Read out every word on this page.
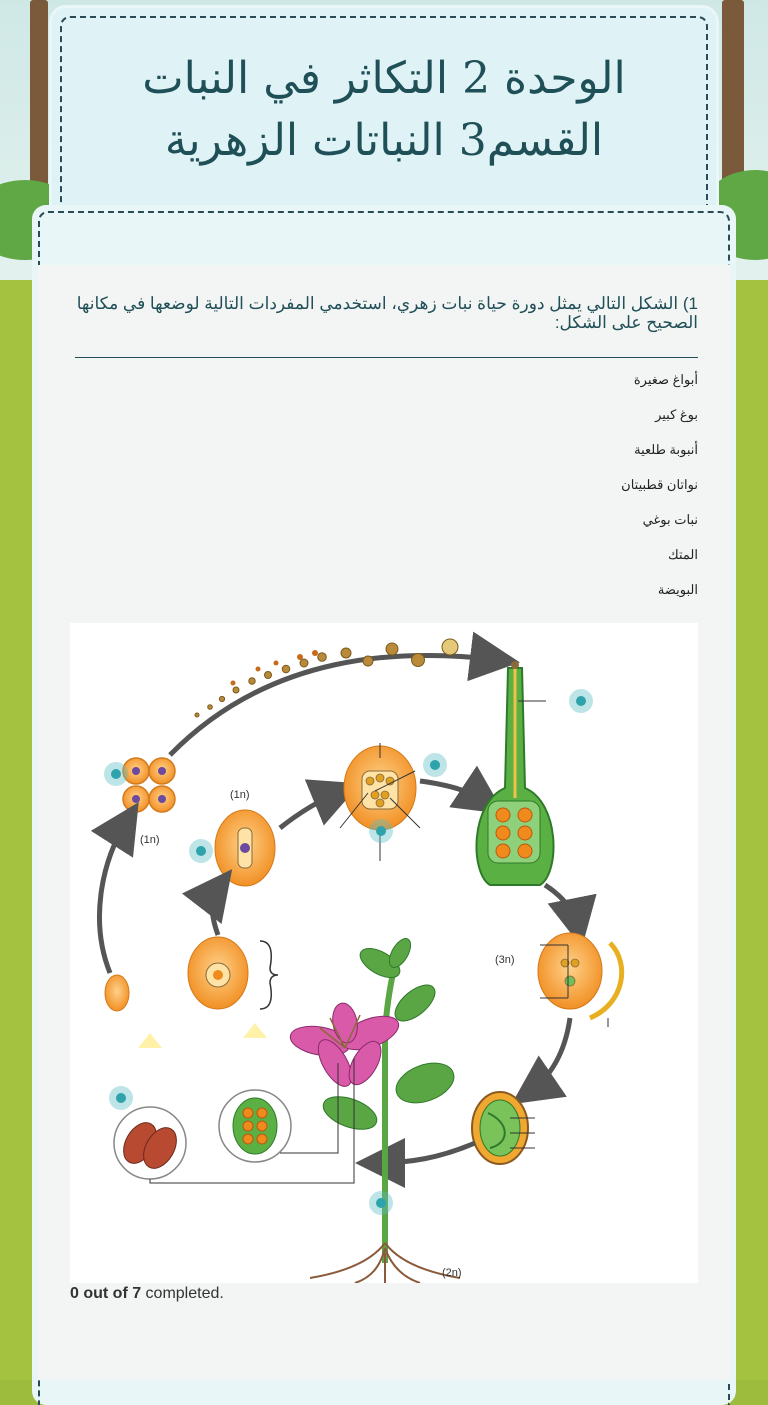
الوحدة 2 التكاثر في النبات
القسم3 النباتات الزهرية
1) الشكل التالي يمثل دورة حياة نبات زهري، استخدمي المفردات التالية لوضعها في مكانها الصحيح على الشكل:
أبواغ صغيرة
بوغ كبير
أنبوبة طلعية
نواتان قطبيتان
نبات بوغي
المتك
البويضة
(1n)
(1n)
(3n)
(2n)
0 out of 7 completed.
